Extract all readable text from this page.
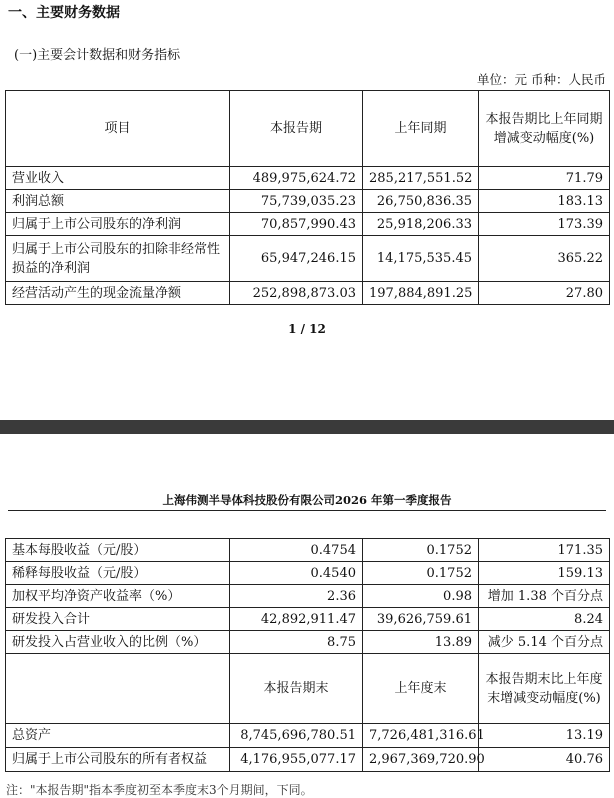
一、主要财务数据
(一)主要会计数据和财务指标
单位：元 币种：人民币
项目	本报告期	上年同期	本报告期比上年同期增减变动幅度(%)
营业收入	489,975,624.72	285,217,551.52	71.79
利润总额	75,739,035.23	26,750,836.35	183.13
归属于上市公司股东的净利润	70,857,990.43	25,918,206.33	173.39
归属于上市公司股东的扣除非经常性损益的净利润	65,947,246.15	14,175,535.45	365.22
经营活动产生的现金流量净额	252,898,873.03	197,884,891.25	27.80
1 / 12
上海伟测半导体科技股份有限公司2026 年第一季度报告
基本每股收益（元/股）	0.4754	0.1752	171.35
稀释每股收益（元/股）	0.4540	0.1752	159.13
加权平均净资产收益率（%）	2.36	0.98	增加 1.38 个百分点
研发投入合计	42,892,911.47	39,626,759.61	8.24
研发投入占营业收入的比例（%）	8.75	13.89	减少 5.14 个百分点
	本报告期末	上年度末	本报告期末比上年度末增减变动幅度(%)
总资产	8,745,696,780.51	7,726,481,316.61	13.19
归属于上市公司股东的所有者权益	4,176,955,077.17	2,967,369,720.90	40.76
注："本报告期"指本季度初至本季度末3个月期间，下同。
